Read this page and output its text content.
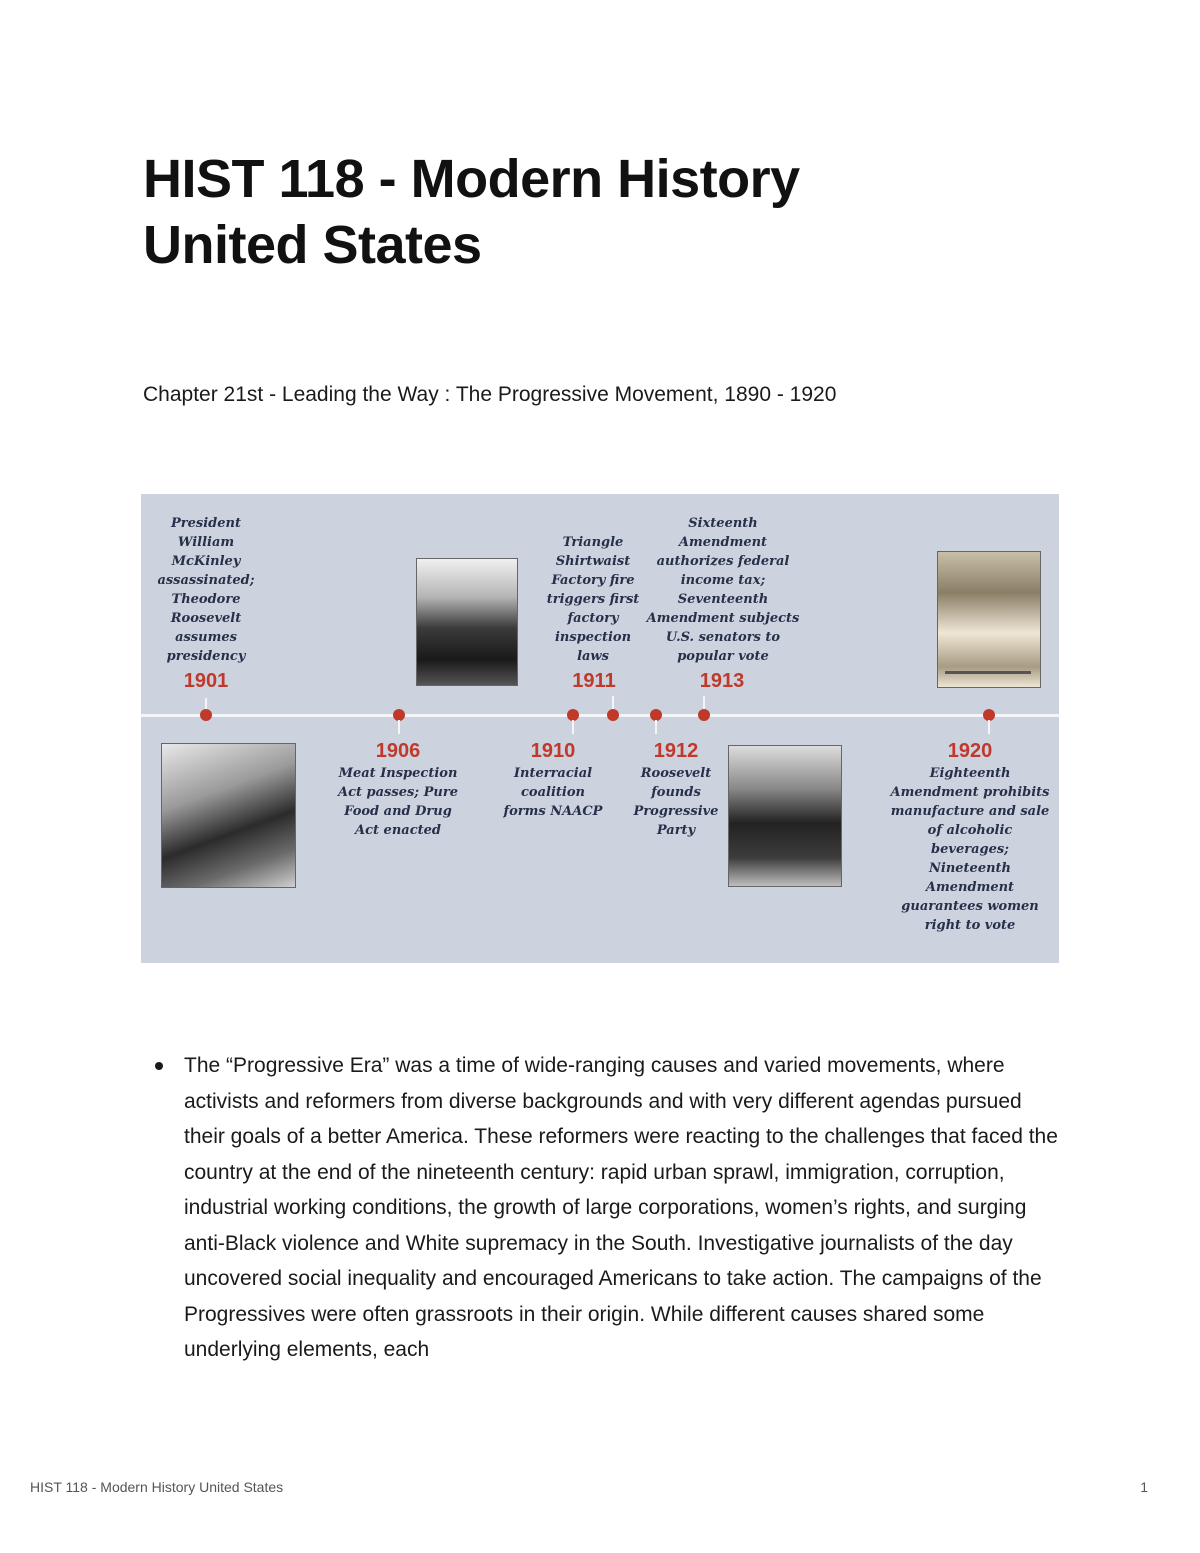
HIST 118 - Modern History
United States
Chapter 21st - Leading the Way : The Progressive Movement, 1890 - 1920
President William McKinley assassinated; Theodore Roosevelt assumes presidency
1901
1906
Meat Inspection Act passes; Pure Food and Drug Act enacted
1910
Interracial coalition forms NAACP
Triangle Shirtwaist Factory fire triggers first factory inspection laws
1911
1912
Roosevelt founds Progressive Party
Sixteenth Amendment authorizes federal income tax; Seventeenth Amendment subjects U.S. senators to popular vote
1913
1920
Eighteenth Amendment prohibits manufacture and sale of alcoholic beverages; Nineteenth Amendment guarantees women right to vote
The “Progressive Era” was a time of wide-ranging causes and varied movements, where activists and reformers from diverse backgrounds and with very different agendas pursued their goals of a better America. These reformers were reacting to the challenges that faced the country at the end of the nineteenth century: rapid urban sprawl, immigration, corruption, industrial working conditions, the growth of large corporations, women’s rights, and surging anti-Black violence and White supremacy in the South. Investigative journalists of the day uncovered social inequality and encouraged Americans to take action. The campaigns of the Progressives were often grassroots in their origin. While different causes shared some underlying elements, each
HIST 118 - Modern History United States	1
